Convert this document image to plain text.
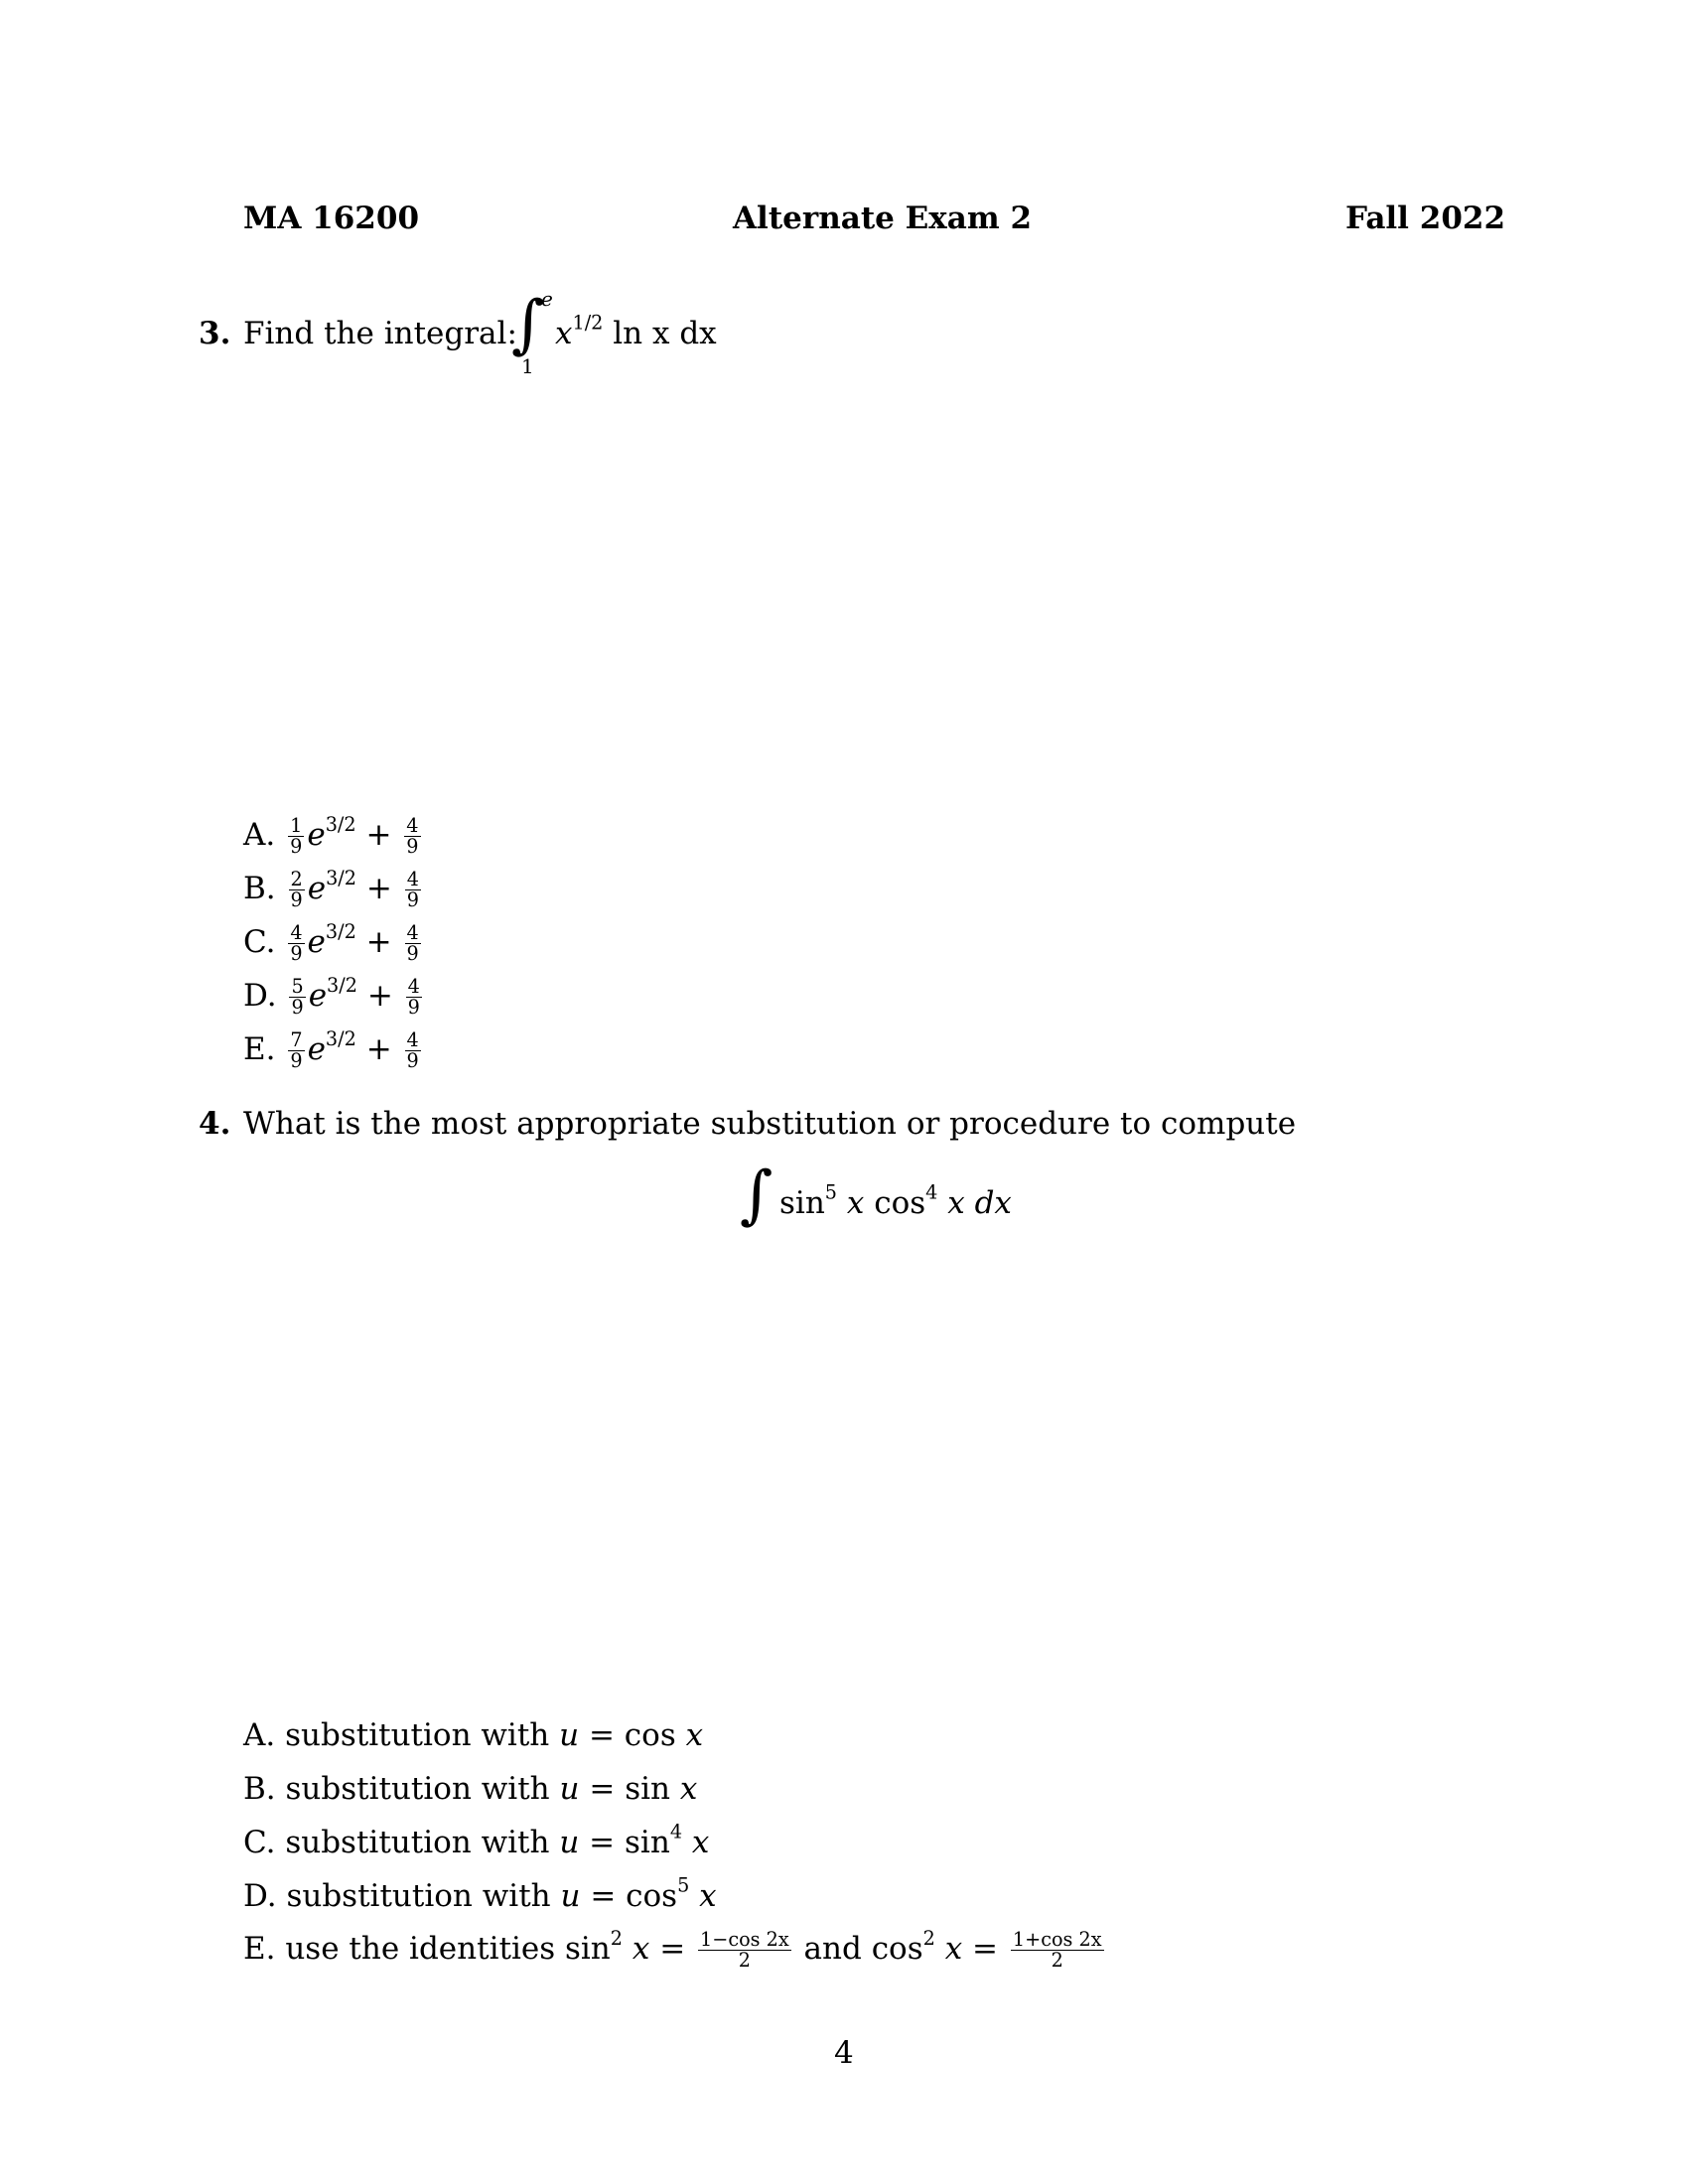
MA 16200	Alternate Exam 2	Fall 2022
3. Find the integral:
∫
e
1
$x^{1/2}$ ln x dx
A. $\frac{1}{9} e^{3/2} + \frac{4}{9}$
B. $\frac{2}{9} e^{3/2} + \frac{4}{9}$
C. $\frac{4}{9} e^{3/2} + \frac{4}{9}$
D. $\frac{5}{9} e^{3/2} + \frac{4}{9}$
E. $\frac{7}{9} e^{3/2} + \frac{4}{9}$
4. What is the most appropriate substitution or procedure to compute
∫ $\sin^5 x$ $\cos^4 x$ dx
A. substitution with u = cos x
B. substitution with u = sin x
C. substitution with $u = \sin^4 x$
D. substitution with $u = \cos^5 x$
E. use the identities $\sin^2 x = \frac{1-\cos 2x}{2}$ and $\cos^2 x = \frac{1+\cos 2x}{2}$
4
